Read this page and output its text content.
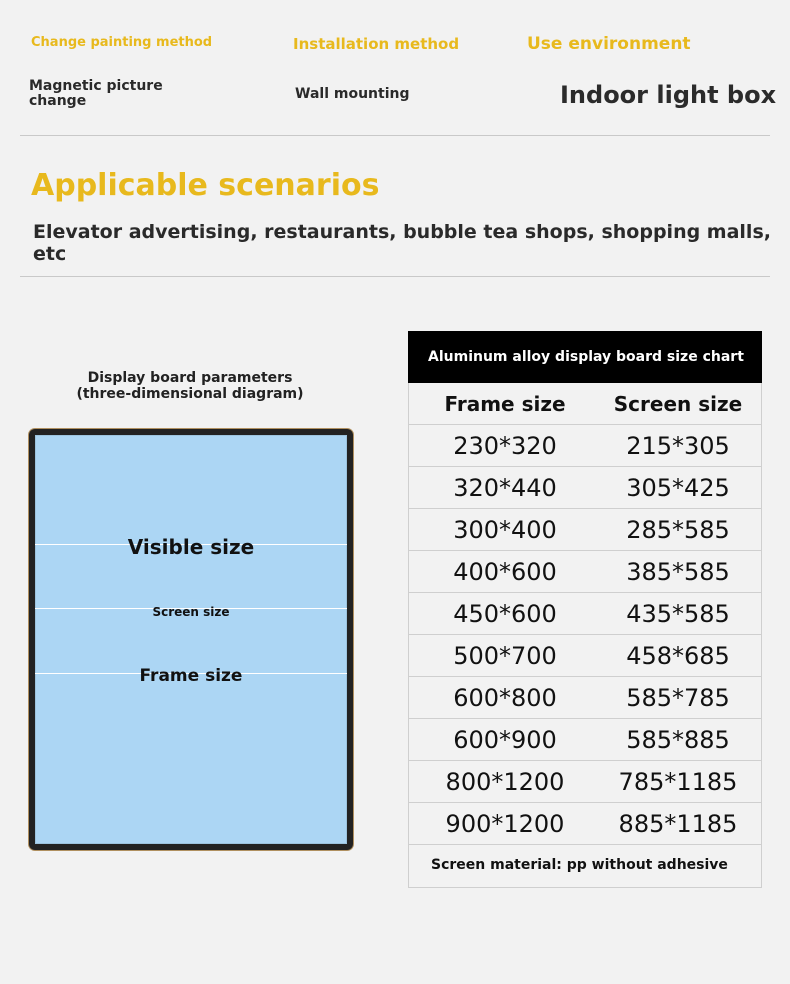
Change painting method	Installation method	Use environment
Magnetic picture change	Wall mounting	Indoor light box
Applicable scenarios
Elevator advertising, restaurants, bubble tea shops, shopping malls, etc
Display board parameters
(three-dimensional diagram)
Visible size
Screen size
Frame size
Aluminum alloy display board size chart
Frame size	Screen size
230*320	215*305
320*440	305*425
300*400	285*585
400*600	385*585
450*600	435*585
500*700	458*685
600*800	585*785
600*900	585*885
800*1200	785*1185
900*1200	885*1185
Screen material: pp without adhesive
